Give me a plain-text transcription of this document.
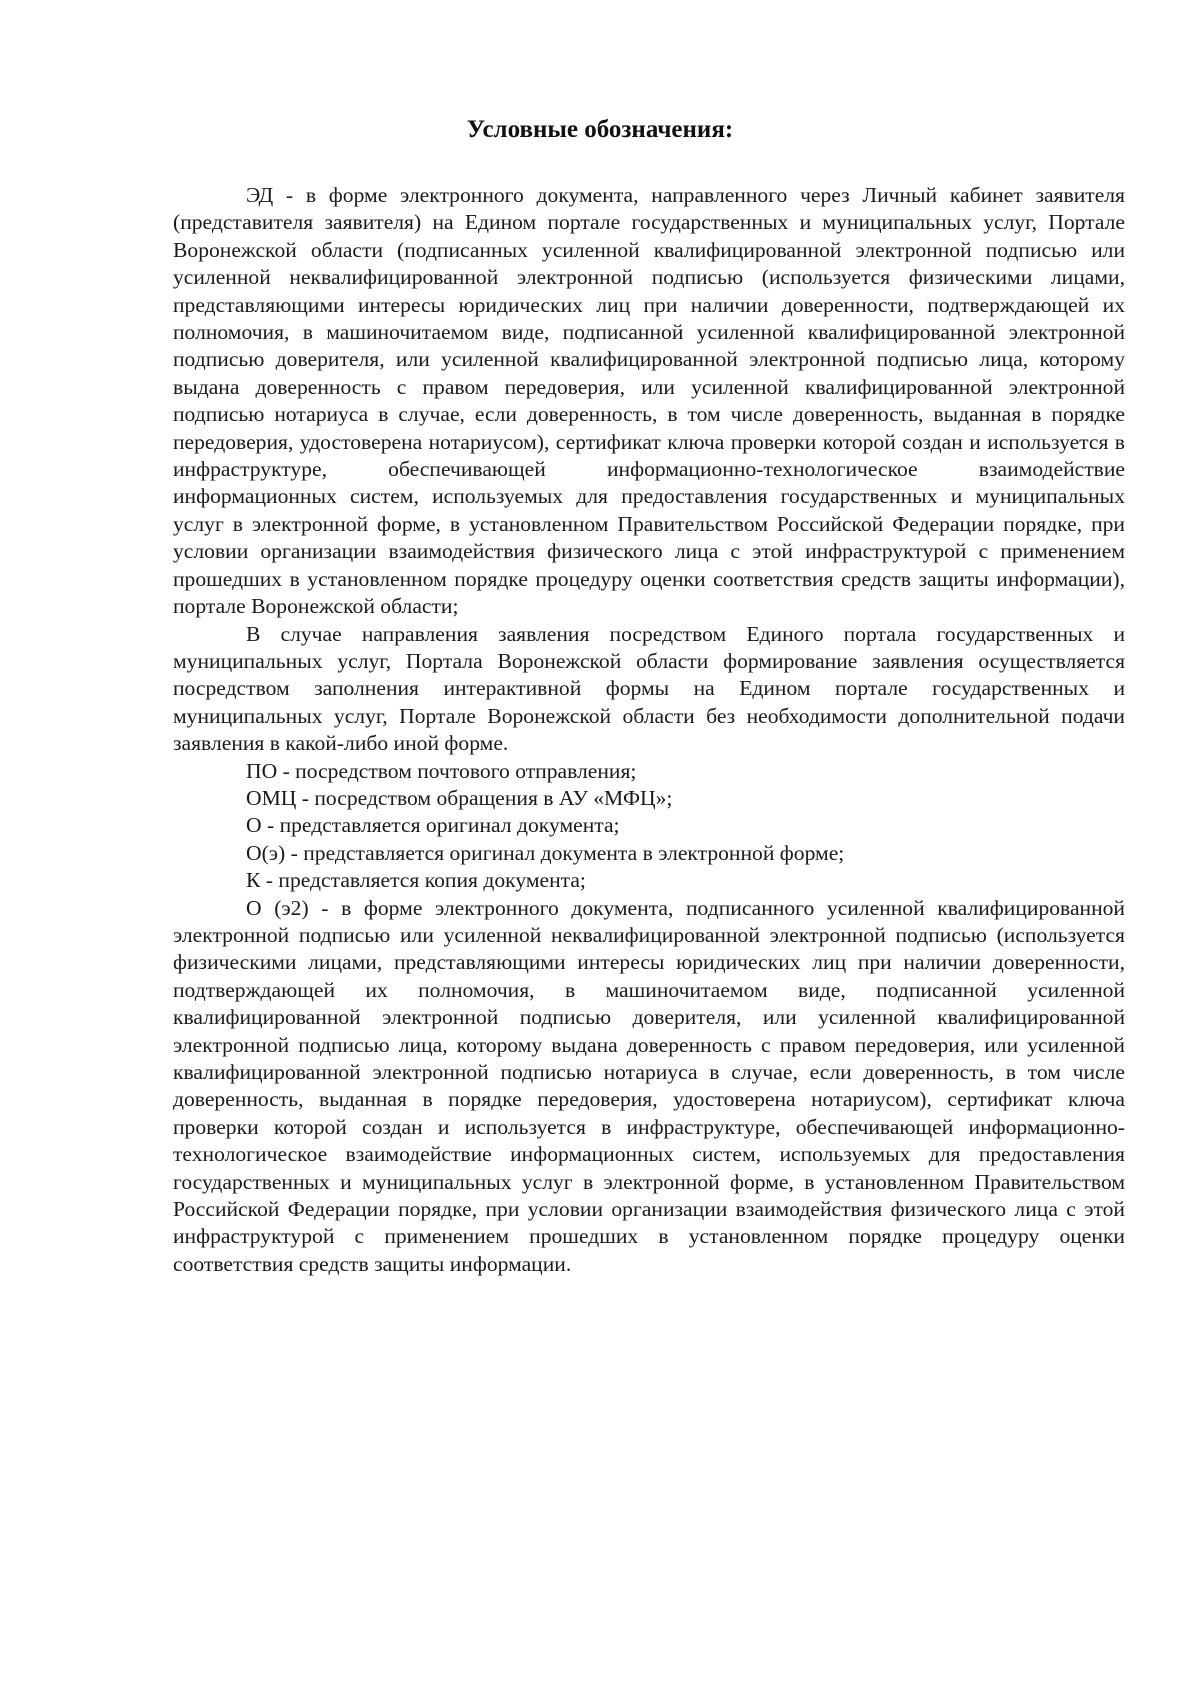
Условные обозначения:

ЭД - в форме электронного документа, направленного через Личный кабинет заявителя (представителя заявителя) на Едином портале государственных и муниципальных услуг, Портале Воронежской области (подписанных усиленной квалифицированной электронной подписью или усиленной неквалифицированной электронной подписью (используется физическими лицами, представляющими интересы юридических лиц при наличии доверенности, подтверждающей их полномочия, в машиночитаемом виде, подписанной усиленной квалифицированной электронной подписью доверителя, или усиленной квалифицированной электронной подписью лица, которому выдана доверенность с правом передоверия, или усиленной квалифицированной электронной подписью нотариуса в случае, если доверенность, в том числе доверенность, выданная в порядке передоверия, удостоверена нотариусом), сертификат ключа проверки которой создан и используется в инфраструктуре, обеспечивающей информационно-технологическое взаимодействие информационных систем, используемых для предоставления государственных и муниципальных услуг в электронной форме, в установленном Правительством Российской Федерации порядке, при условии организации взаимодействия физического лица с этой инфраструктурой с применением прошедших в установленном порядке процедуру оценки соответствия средств защиты информации), портале Воронежской области;

В случае направления заявления посредством Единого портала государственных и муниципальных услуг, Портала Воронежской области формирование заявления осуществляется посредством заполнения интерактивной формы на Едином портале государственных и муниципальных услуг, Портале Воронежской области без необходимости дополнительной подачи заявления в какой-либо иной форме.

ПО - посредством почтового отправления;

ОМЦ - посредством обращения в АУ «МФЦ»;

О - представляется оригинал документа;

О(э) - представляется оригинал документа в электронной форме;

К - представляется копия документа;

О (э2) - в форме электронного документа, подписанного усиленной квалифицированной электронной подписью или усиленной неквалифицированной электронной подписью (используется физическими лицами, представляющими интересы юридических лиц при наличии доверенности, подтверждающей их полномочия, в машиночитаемом виде, подписанной усиленной квалифицированной электронной подписью доверителя, или усиленной квалифицированной электронной подписью лица, которому выдана доверенность с правом передоверия, или усиленной квалифицированной электронной подписью нотариуса в случае, если доверенность, в том числе доверенность, выданная в порядке передоверия, удостоверена нотариусом), сертификат ключа проверки которой создан и используется в инфраструктуре, обеспечивающей информационно-технологическое взаимодействие информационных систем, используемых для предоставления государственных и муниципальных услуг в электронной форме, в установленном Правительством Российской Федерации порядке, при условии организации взаимодействия физического лица с этой инфраструктурой с применением прошедших в установленном порядке процедуру оценки соответствия средств защиты информации.
